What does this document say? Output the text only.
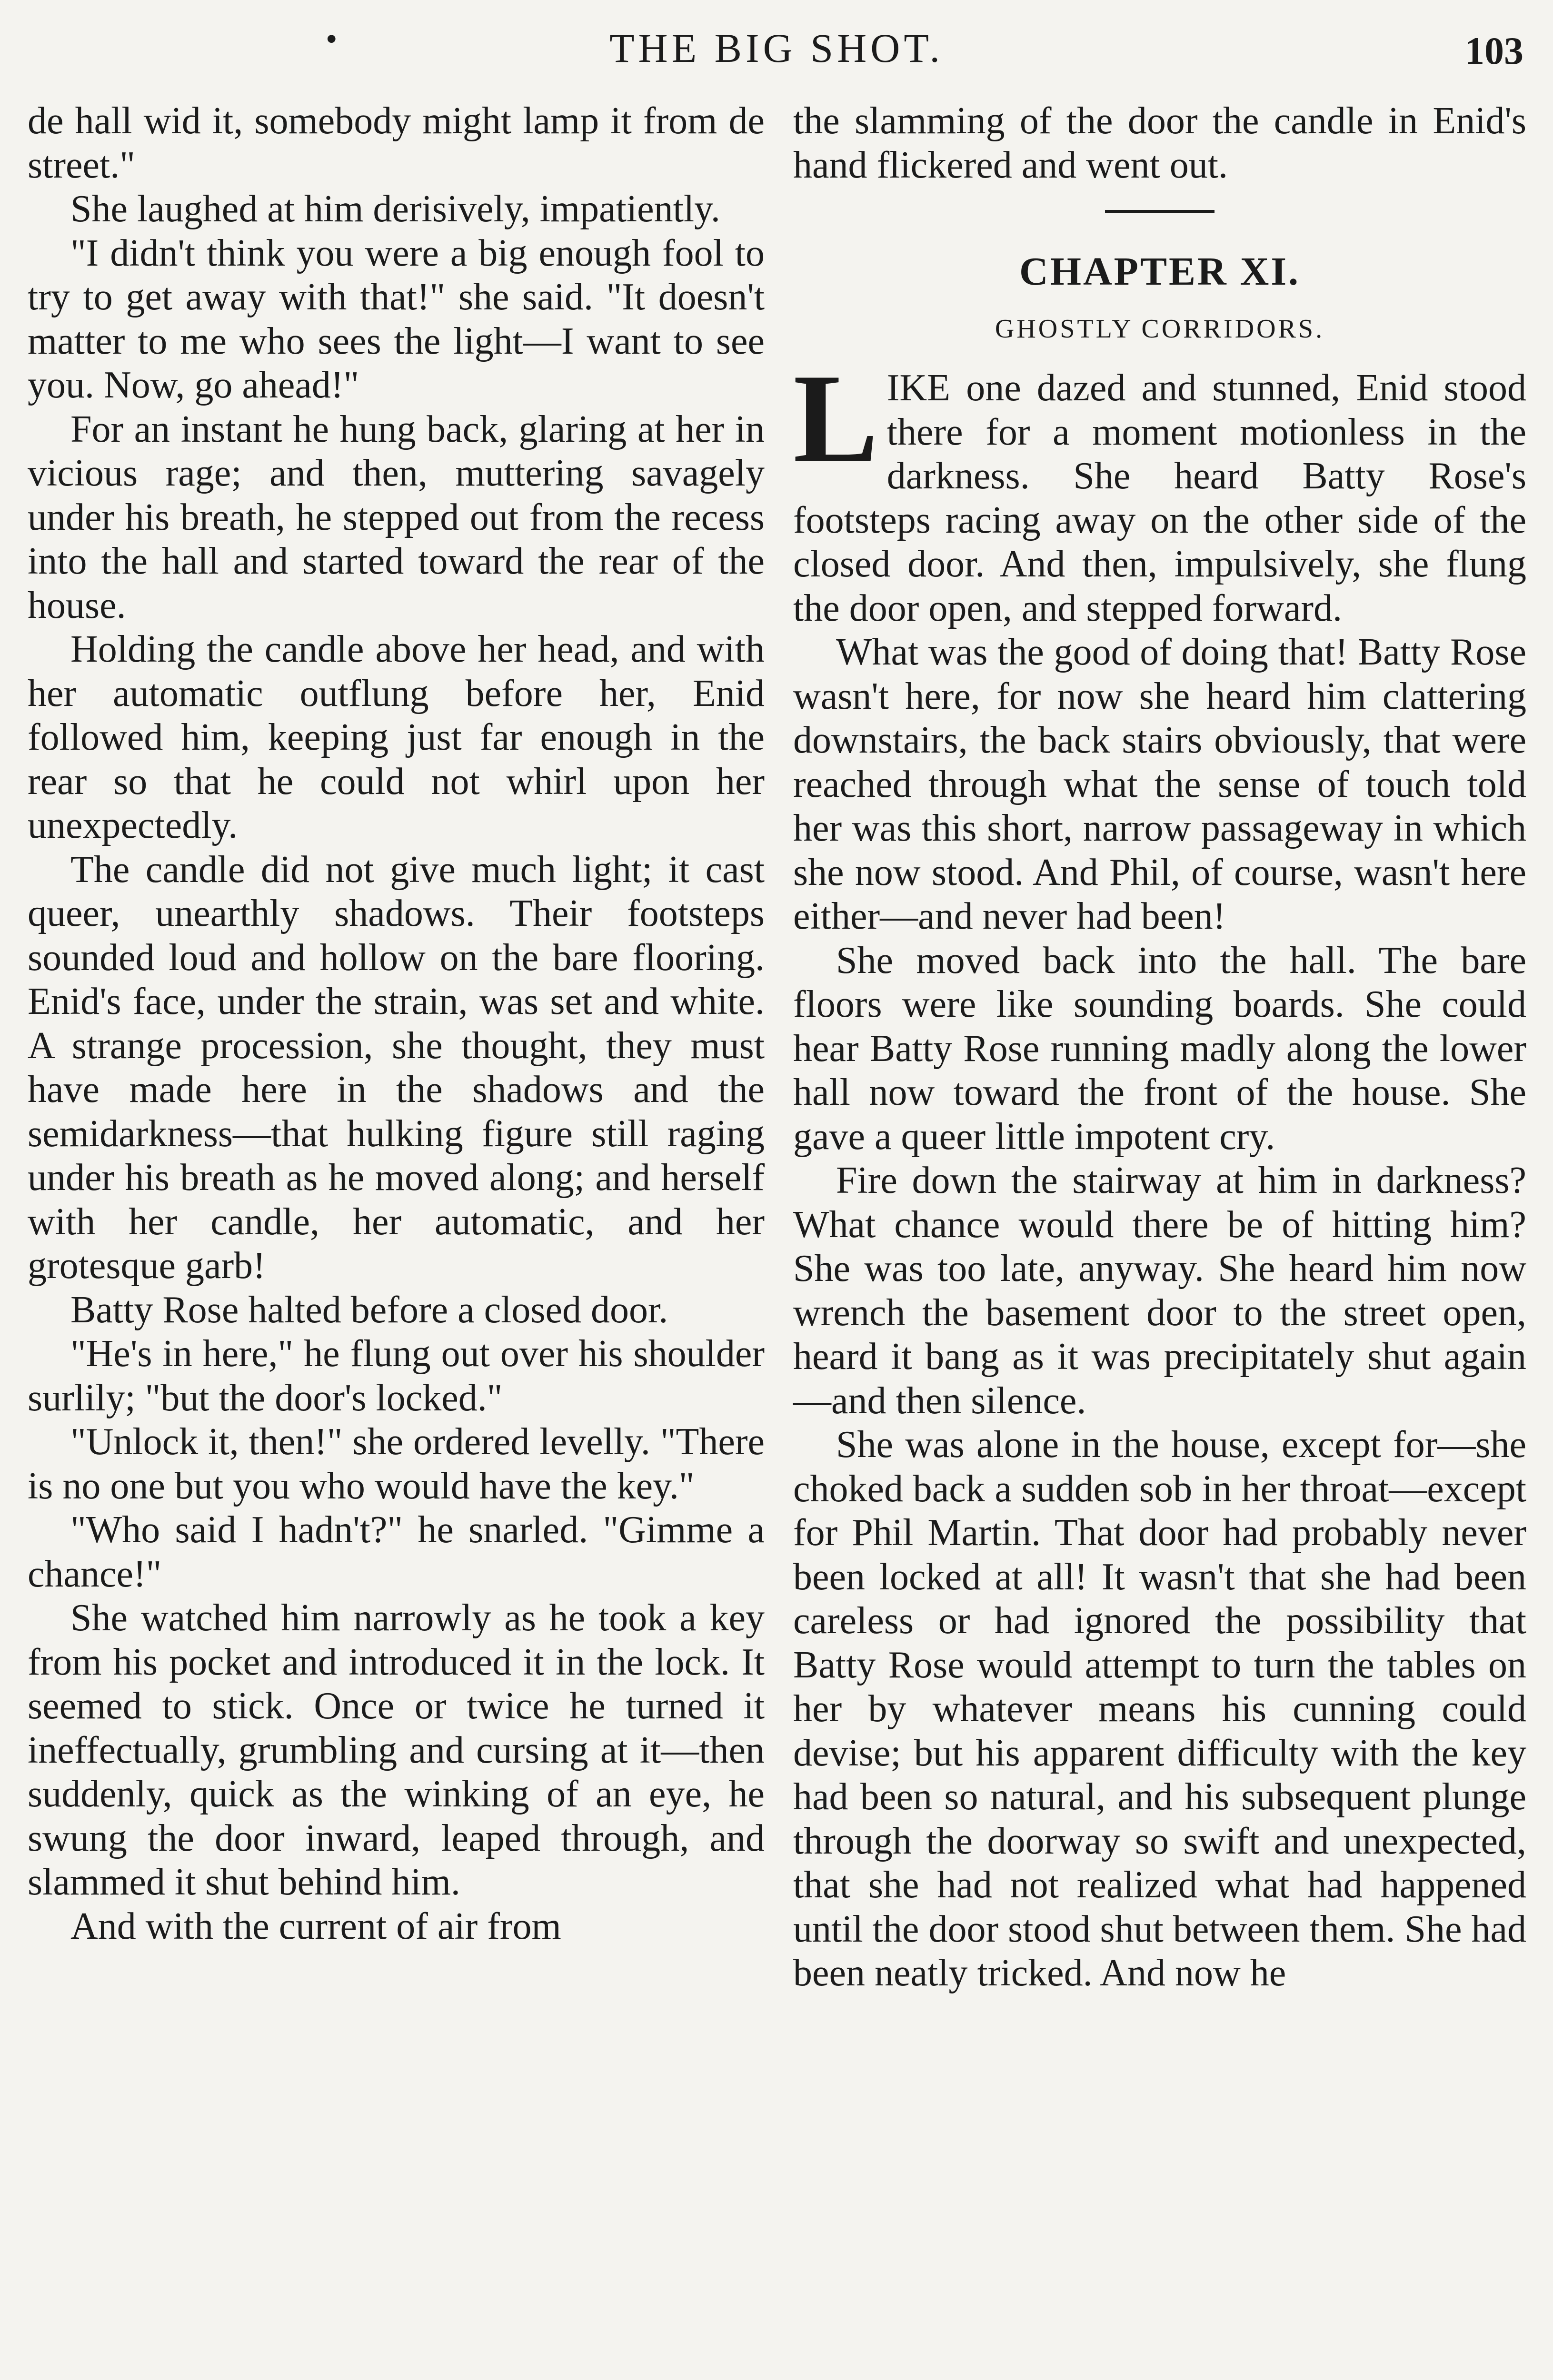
•	THE BIG SHOT.	103

de hall wid it, somebody might lamp it from de street."

She laughed at him derisively, impatiently.

"I didn't think you were a big enough fool to try to get away with that!" she said. "It doesn't matter to me who sees the light—I want to see you. Now, go ahead!"

For an instant he hung back, glaring at her in vicious rage; and then, muttering savagely under his breath, he stepped out from the recess into the hall and started toward the rear of the house.

Holding the candle above her head, and with her automatic outflung before her, Enid followed him, keeping just far enough in the rear so that he could not whirl upon her unexpectedly.

The candle did not give much light; it cast queer, unearthly shadows. Their footsteps sounded loud and hollow on the bare flooring. Enid's face, under the strain, was set and white. A strange procession, she thought, they must have made here in the shadows and the semidarkness—that hulking figure still raging under his breath as he moved along; and herself with her candle, her automatic, and her grotesque garb!

Batty Rose halted before a closed door.

"He's in here," he flung out over his shoulder surlily; "but the door's locked."

"Unlock it, then!" she ordered levelly. "There is no one but you who would have the key."

"Who said I hadn't?" he snarled. "Gimme a chance!"

She watched him narrowly as he took a key from his pocket and introduced it in the lock. It seemed to stick. Once or twice he turned it ineffectually, grumbling and cursing at it—then suddenly, quick as the winking of an eye, he swung the door inward, leaped through, and slammed it shut behind him.

And with the current of air from

the slamming of the door the candle in Enid's hand flickered and went out.

CHAPTER XI.
GHOSTLY CORRIDORS.

LIKE one dazed and stunned, Enid stood there for a moment motionless in the darkness. She heard Batty Rose's footsteps racing away on the other side of the closed door. And then, impulsively, she flung the door open, and stepped forward.

What was the good of doing that! Batty Rose wasn't here, for now she heard him clattering downstairs, the back stairs obviously, that were reached through what the sense of touch told her was this short, narrow passageway in which she now stood. And Phil, of course, wasn't here either—and never had been!

She moved back into the hall. The bare floors were like sounding boards. She could hear Batty Rose running madly along the lower hall now toward the front of the house. She gave a queer little impotent cry.

Fire down the stairway at him in darkness? What chance would there be of hitting him? She was too late, anyway. She heard him now wrench the basement door to the street open, heard it bang as it was precipitately shut again—and then silence.

She was alone in the house, except for—she choked back a sudden sob in her throat—except for Phil Martin. That door had probably never been locked at all! It wasn't that she had been careless or had ignored the possibility that Batty Rose would attempt to turn the tables on her by whatever means his cunning could devise; but his apparent difficulty with the key had been so natural, and his subsequent plunge through the doorway so swift and unexpected, that she had not realized what had happened until the door stood shut between them. She had been neatly tricked. And now he
